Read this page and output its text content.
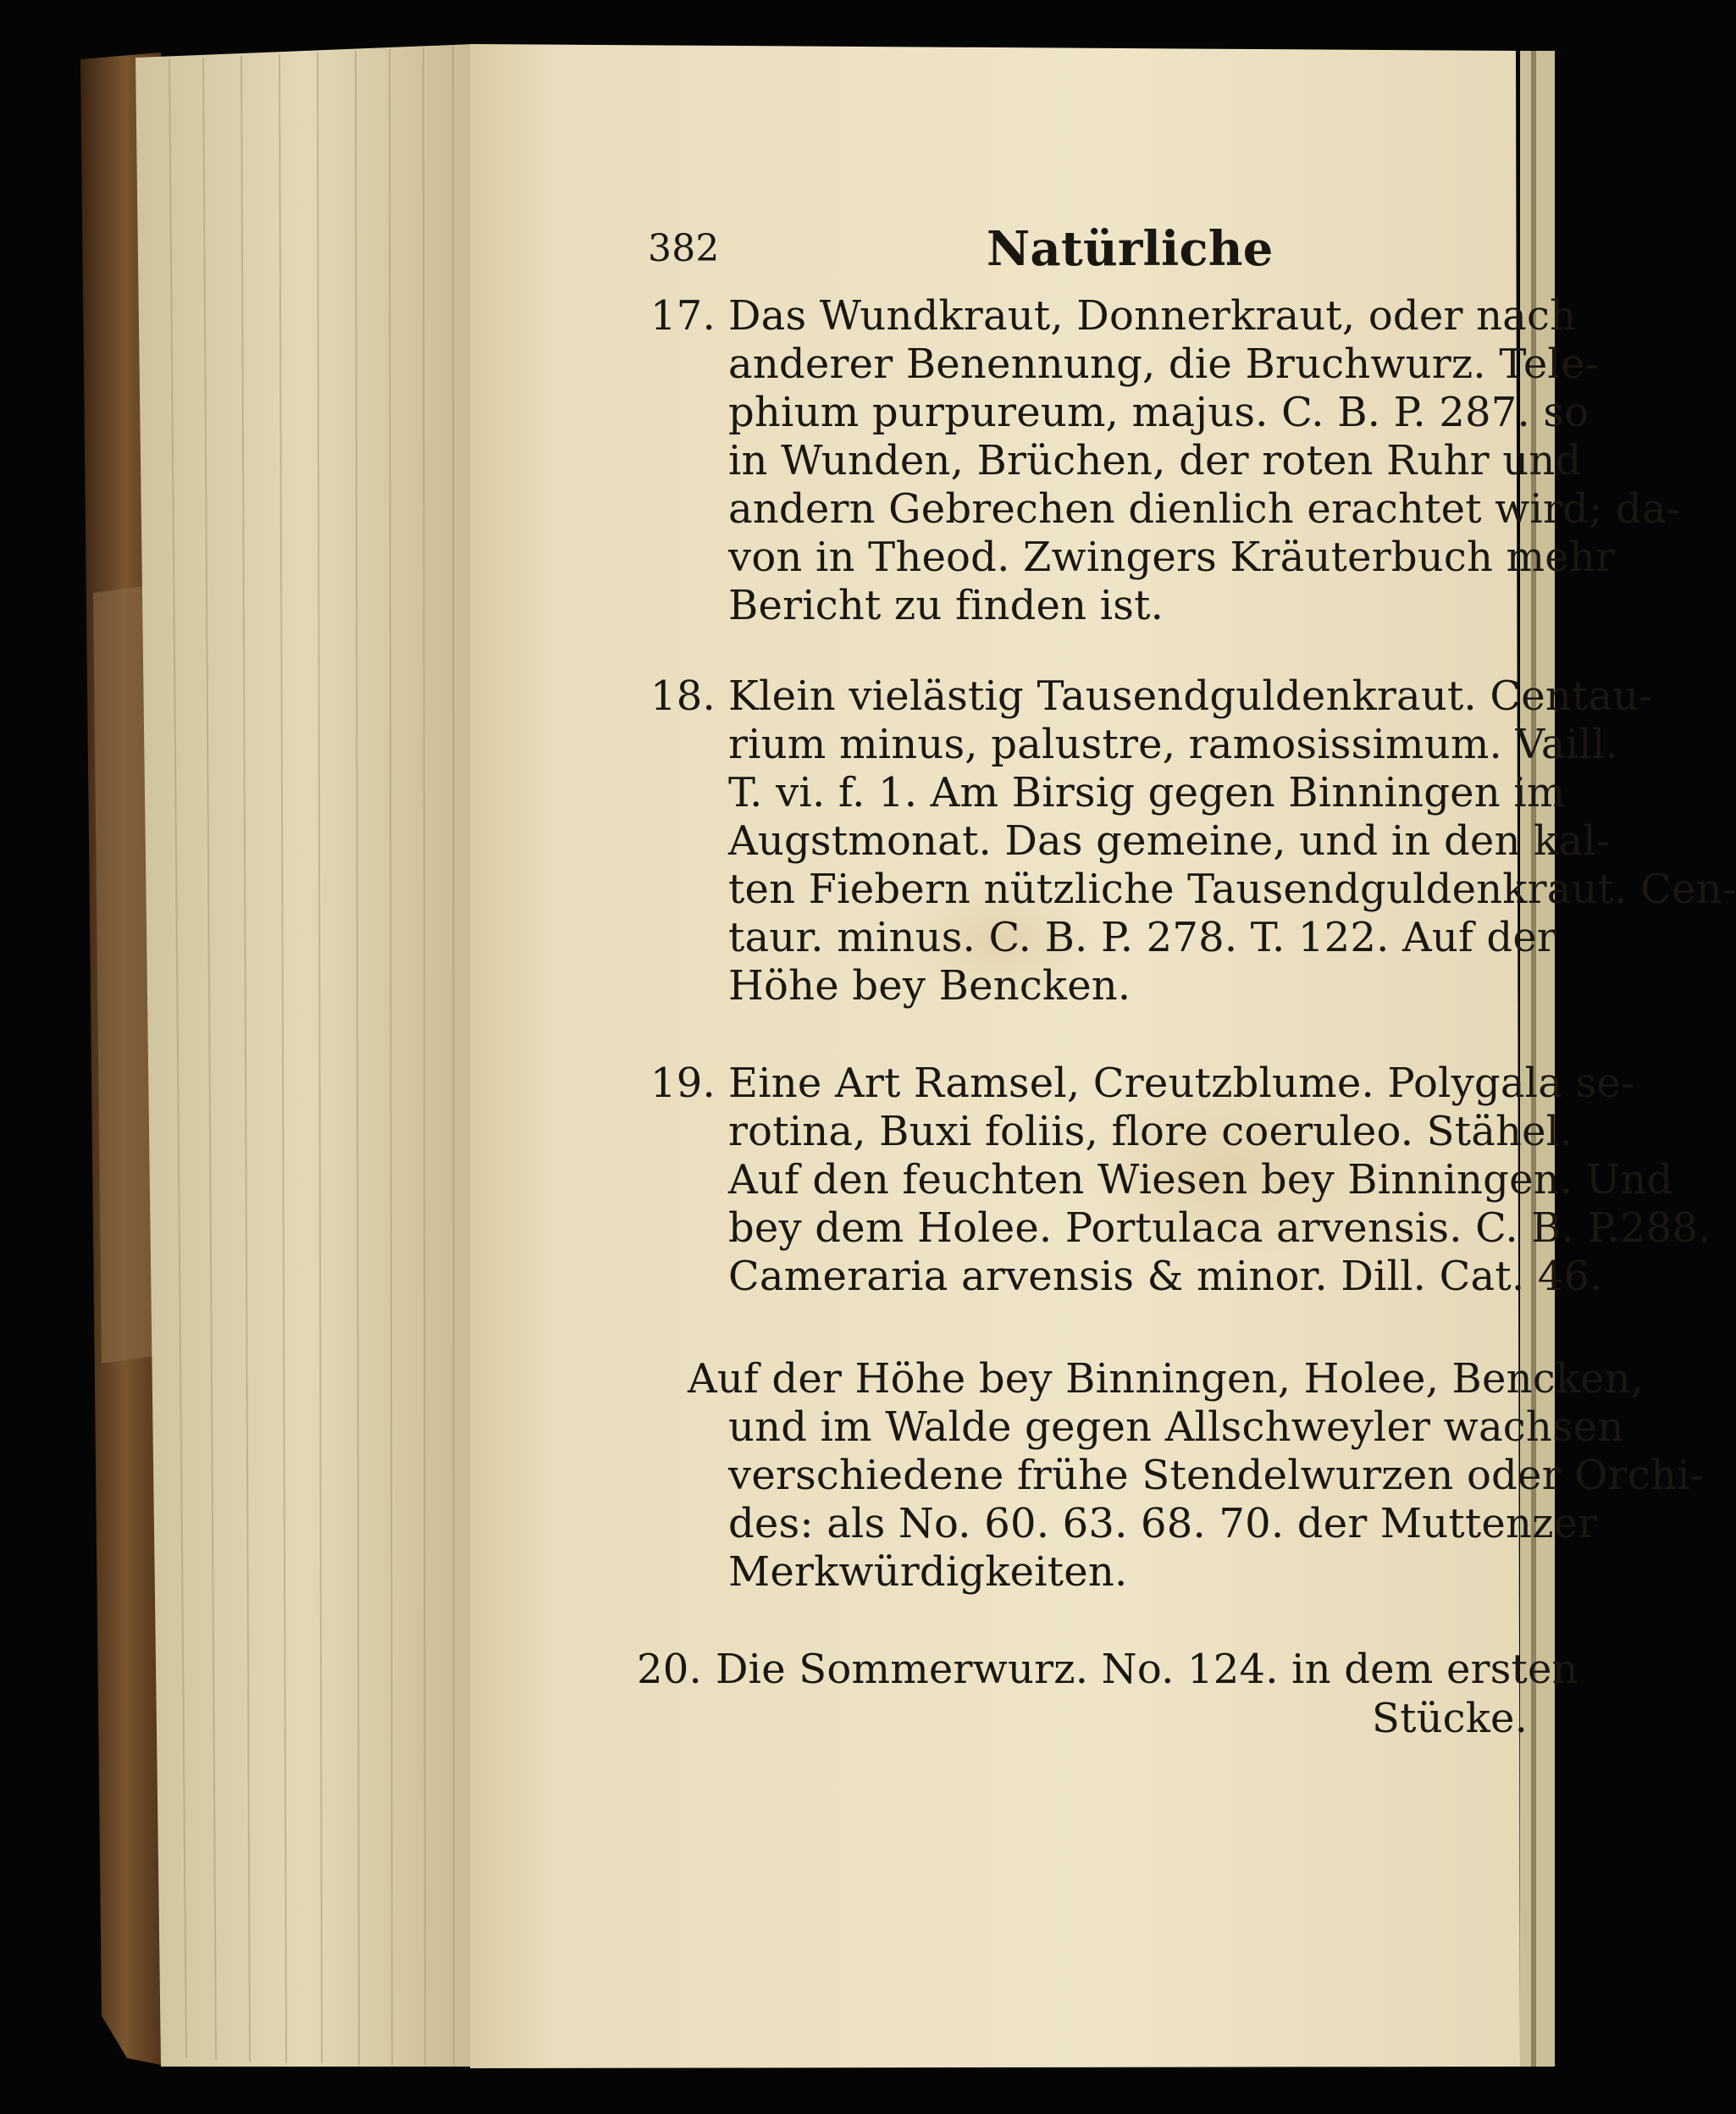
382	Natürliche
17. Das Wundkraut, Donnerkraut, oder nach
anderer Benennung, die Bruchwurz. Tele-
phium purpureum, majus. C. B. P. 287. so
in Wunden, Brüchen, der roten Ruhr und
andern Gebrechen dienlich erachtet wird; da-
von in Theod. Zwingers Kräuterbuch mehr
Bericht zu finden ist.
18. Klein vielästig Tausendguldenkraut. Centau-
rium minus, palustre, ramosissimum. Vaill.
T. vi. f. 1. Am Birsig gegen Binningen im
Augstmonat. Das gemeine, und in den kal-
ten Fiebern nützliche Tausendguldenkraut. Cen-
taur. minus. C. B. P. 278. T. 122. Auf der
Höhe bey Bencken.
19. Eine Art Ramsel, Creutzblume. Polygala se-
rotina, Buxi foliis, flore coeruleo. Stähel.
Auf den feuchten Wiesen bey Binningen. Und
bey dem Holee. Portulaca arvensis. C. B. P.288.
Cameraria arvensis & minor. Dill. Cat. 46.
Auf der Höhe bey Binningen, Holee, Bencken,
und im Walde gegen Allschweyler wachsen
verschiedene frühe Stendelwurzen oder Orchi-
des: als No. 60. 63. 68. 70. der Muttenzer
Merkwürdigkeiten.
20. Die Sommerwurz. No. 124. in dem ersten
Stücke.
